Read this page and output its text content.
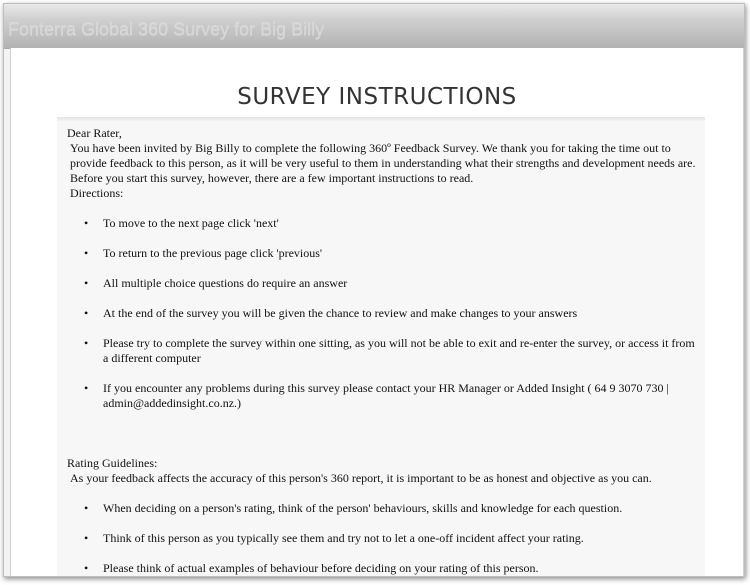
Fonterra Global 360 Survey for Big Billy
SURVEY INSTRUCTIONS

Dear Rater,

You have been invited by Big Billy to complete the following 360º Feedback Survey. We thank you for taking the time out to provide feedback to this person, as it will be very useful to them in understanding what their strengths and development needs are. Before you start this survey, however, there are a few important instructions to read.

Directions:

• To move to the next page click 'next'
• To return to the previous page click 'previous'
• All multiple choice questions do require an answer
• At the end of the survey you will be given the chance to review and make changes to your answers
• Please try to complete the survey within one sitting, as you will not be able to exit and re-enter the survey, or access it from a different computer
• If you encounter any problems during this survey please contact your HR Manager or Added Insight ( 64 9 3070 730 | admin@addedinsight.co.nz.)

Rating Guidelines:

As your feedback affects the accuracy of this person's 360 report, it is important to be as honest and objective as you can.

• When deciding on a person's rating, think of the person' behaviours, skills and knowledge for each question.
• Think of this person as you typically see them and try not to let a one-off incident affect your rating.
• Please think of actual examples of behaviour before deciding on your rating of this person.
